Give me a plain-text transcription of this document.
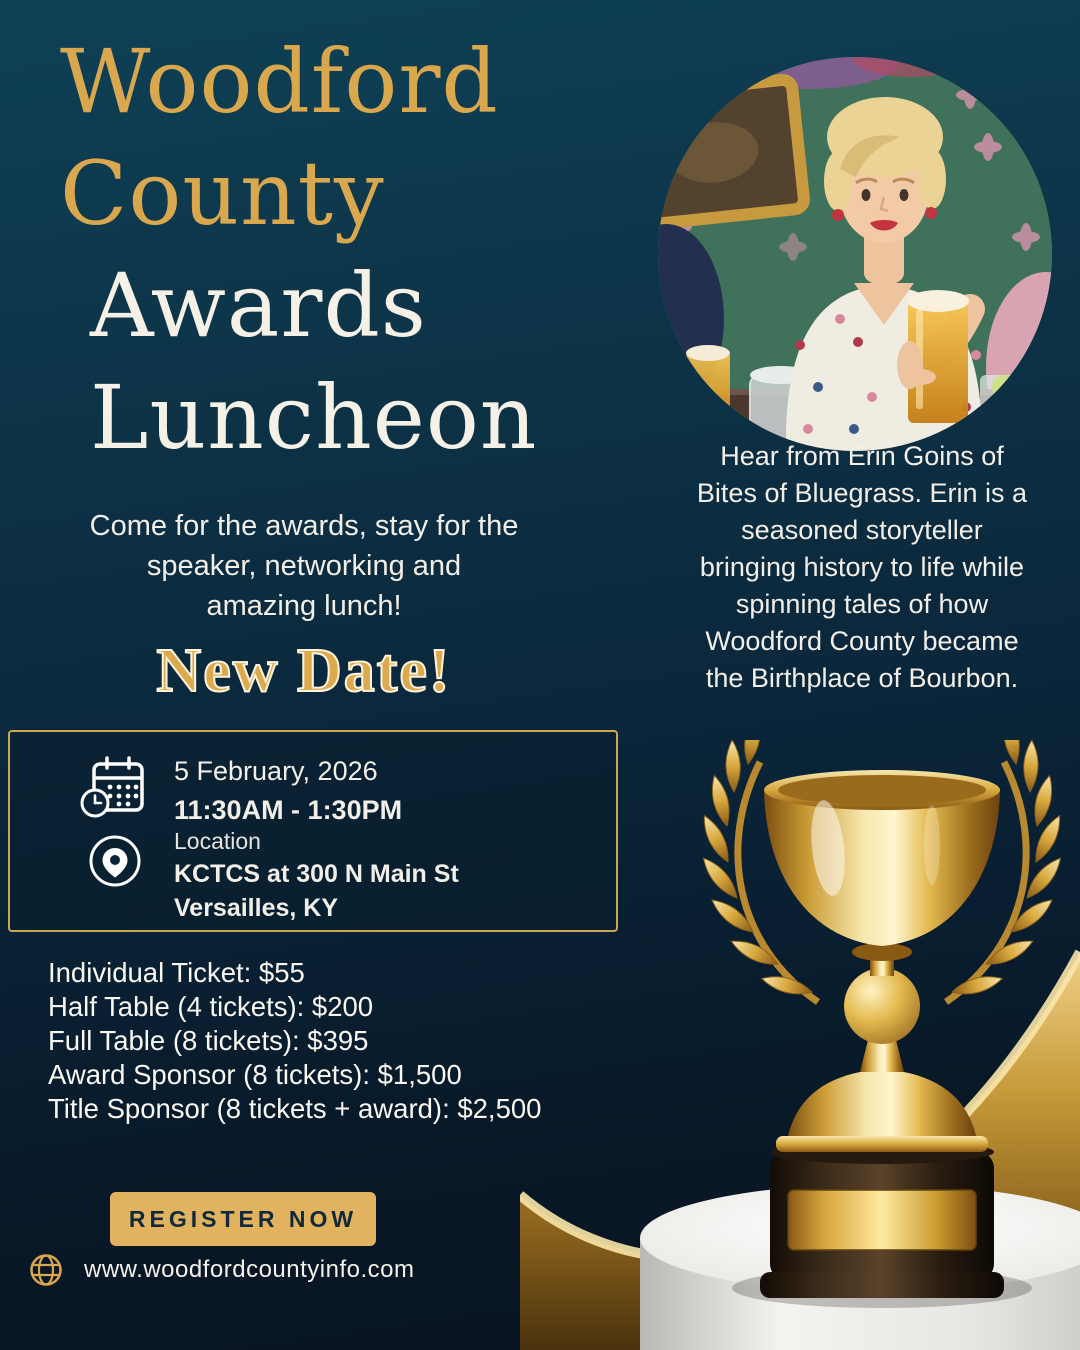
Woodford
County
Awards
Luncheon
Come for the awards, stay for the
speaker, networking and
amazing lunch!
New Date!
Hear from Erin Goins of
Bites of Bluegrass. Erin is a
seasoned storyteller
bringing history to life while
spinning tales of how
Woodford County became
the Birthplace of Bourbon.
5 February, 2026
11:30AM - 1:30PM
Location
KCTCS at 300 N Main St
Versailles, KY
Individual Ticket: $55
Half Table (4 tickets): $200
Full Table (8 tickets): $395
Award Sponsor (8 tickets): $1,500
Title Sponsor (8 tickets + award): $2,500
REGISTER NOW
www.woodfordcountyinfo.com
